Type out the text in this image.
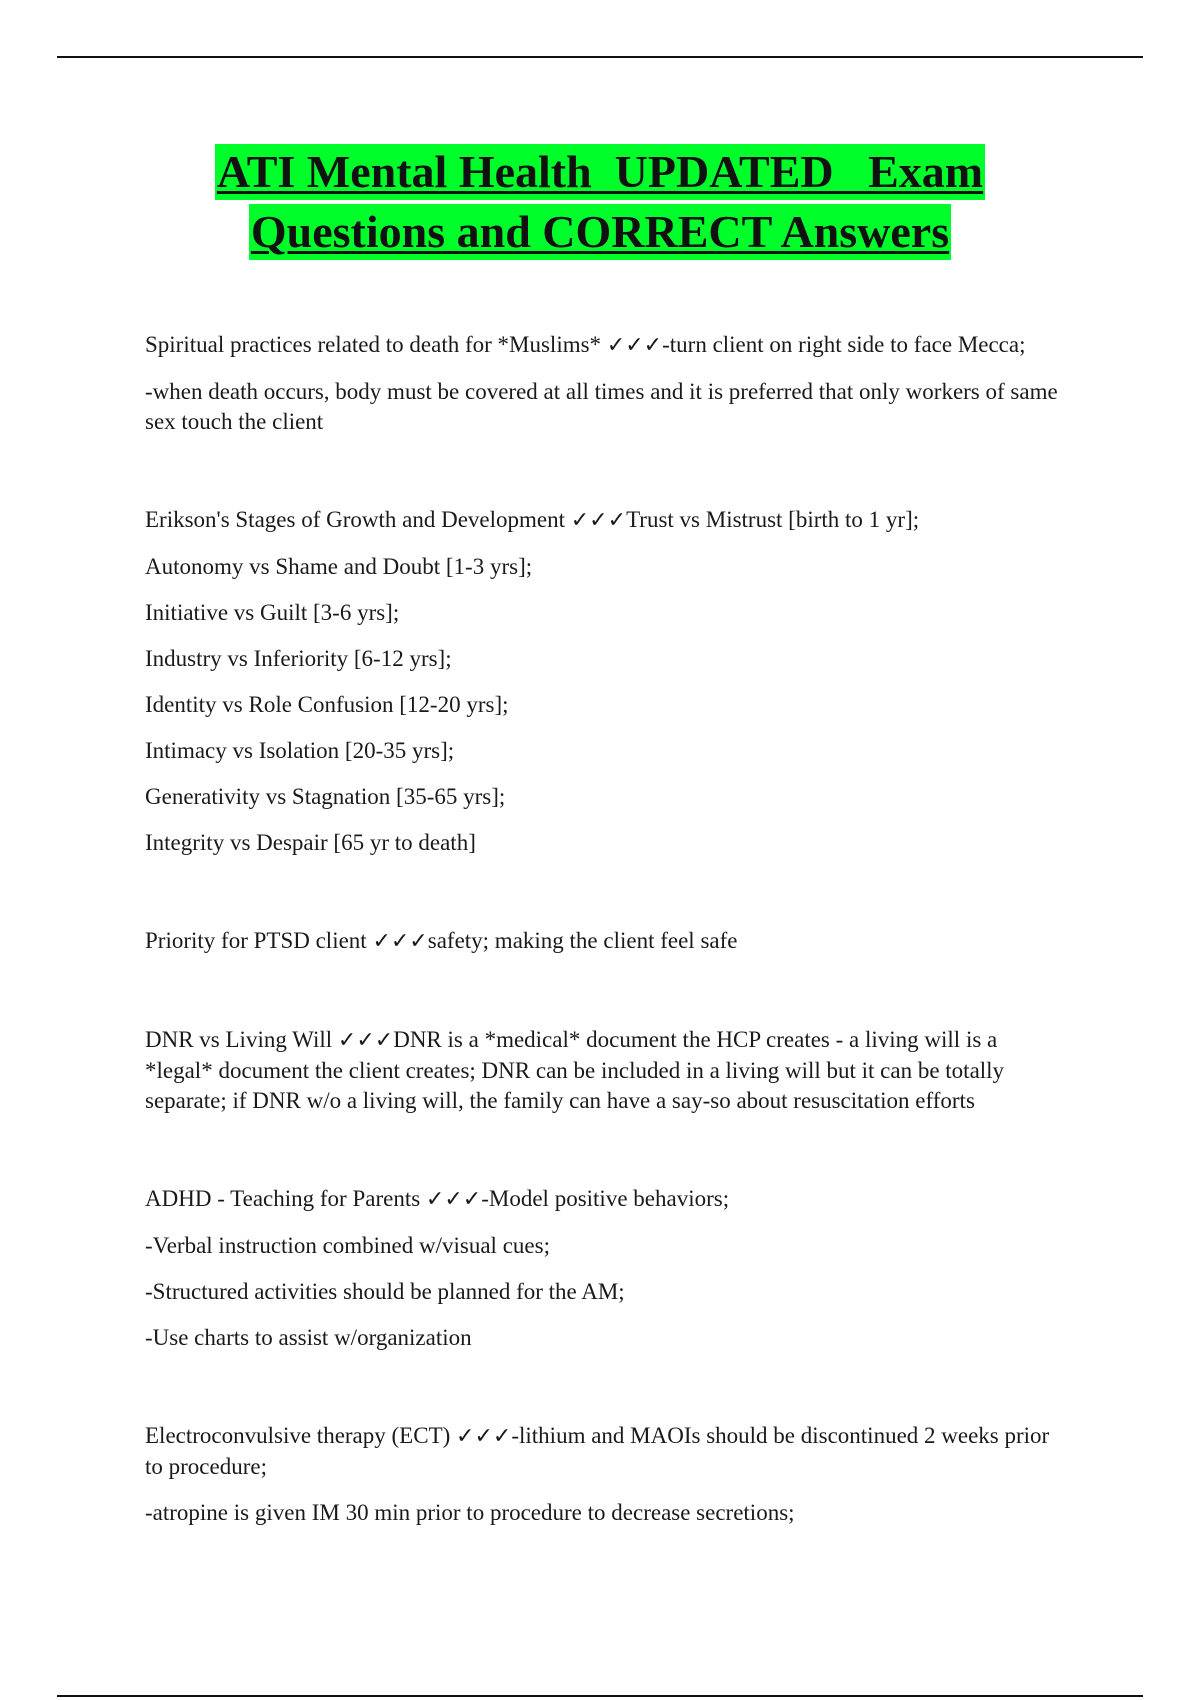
ATI Mental Health  UPDATED   Exam
Questions and CORRECT Answers

Spiritual practices related to death for *Muslims* ✓✓✓-turn client on right side to face Mecca;

-when death occurs, body must be covered at all times and it is preferred that only workers of same sex touch the client

Erikson's Stages of Growth and Development ✓✓✓Trust vs Mistrust [birth to 1 yr];

Autonomy vs Shame and Doubt [1-3 yrs];

Initiative vs Guilt [3-6 yrs];

Industry vs Inferiority [6-12 yrs];

Identity vs Role Confusion [12-20 yrs];

Intimacy vs Isolation [20-35 yrs];

Generativity vs Stagnation [35-65 yrs];

Integrity vs Despair [65 yr to death]

Priority for PTSD client ✓✓✓safety; making the client feel safe

DNR vs Living Will ✓✓✓DNR is a *medical* document the HCP creates - a living will is a *legal* document the client creates; DNR can be included in a living will but it can be totally separate; if DNR w/o a living will, the family can have a say-so about resuscitation efforts

ADHD - Teaching for Parents ✓✓✓-Model positive behaviors;

-Verbal instruction combined w/visual cues;

-Structured activities should be planned for the AM;

-Use charts to assist w/organization

Electroconvulsive therapy (ECT) ✓✓✓-lithium and MAOIs should be discontinued 2 weeks prior to procedure;

-atropine is given IM 30 min prior to procedure to decrease secretions;
